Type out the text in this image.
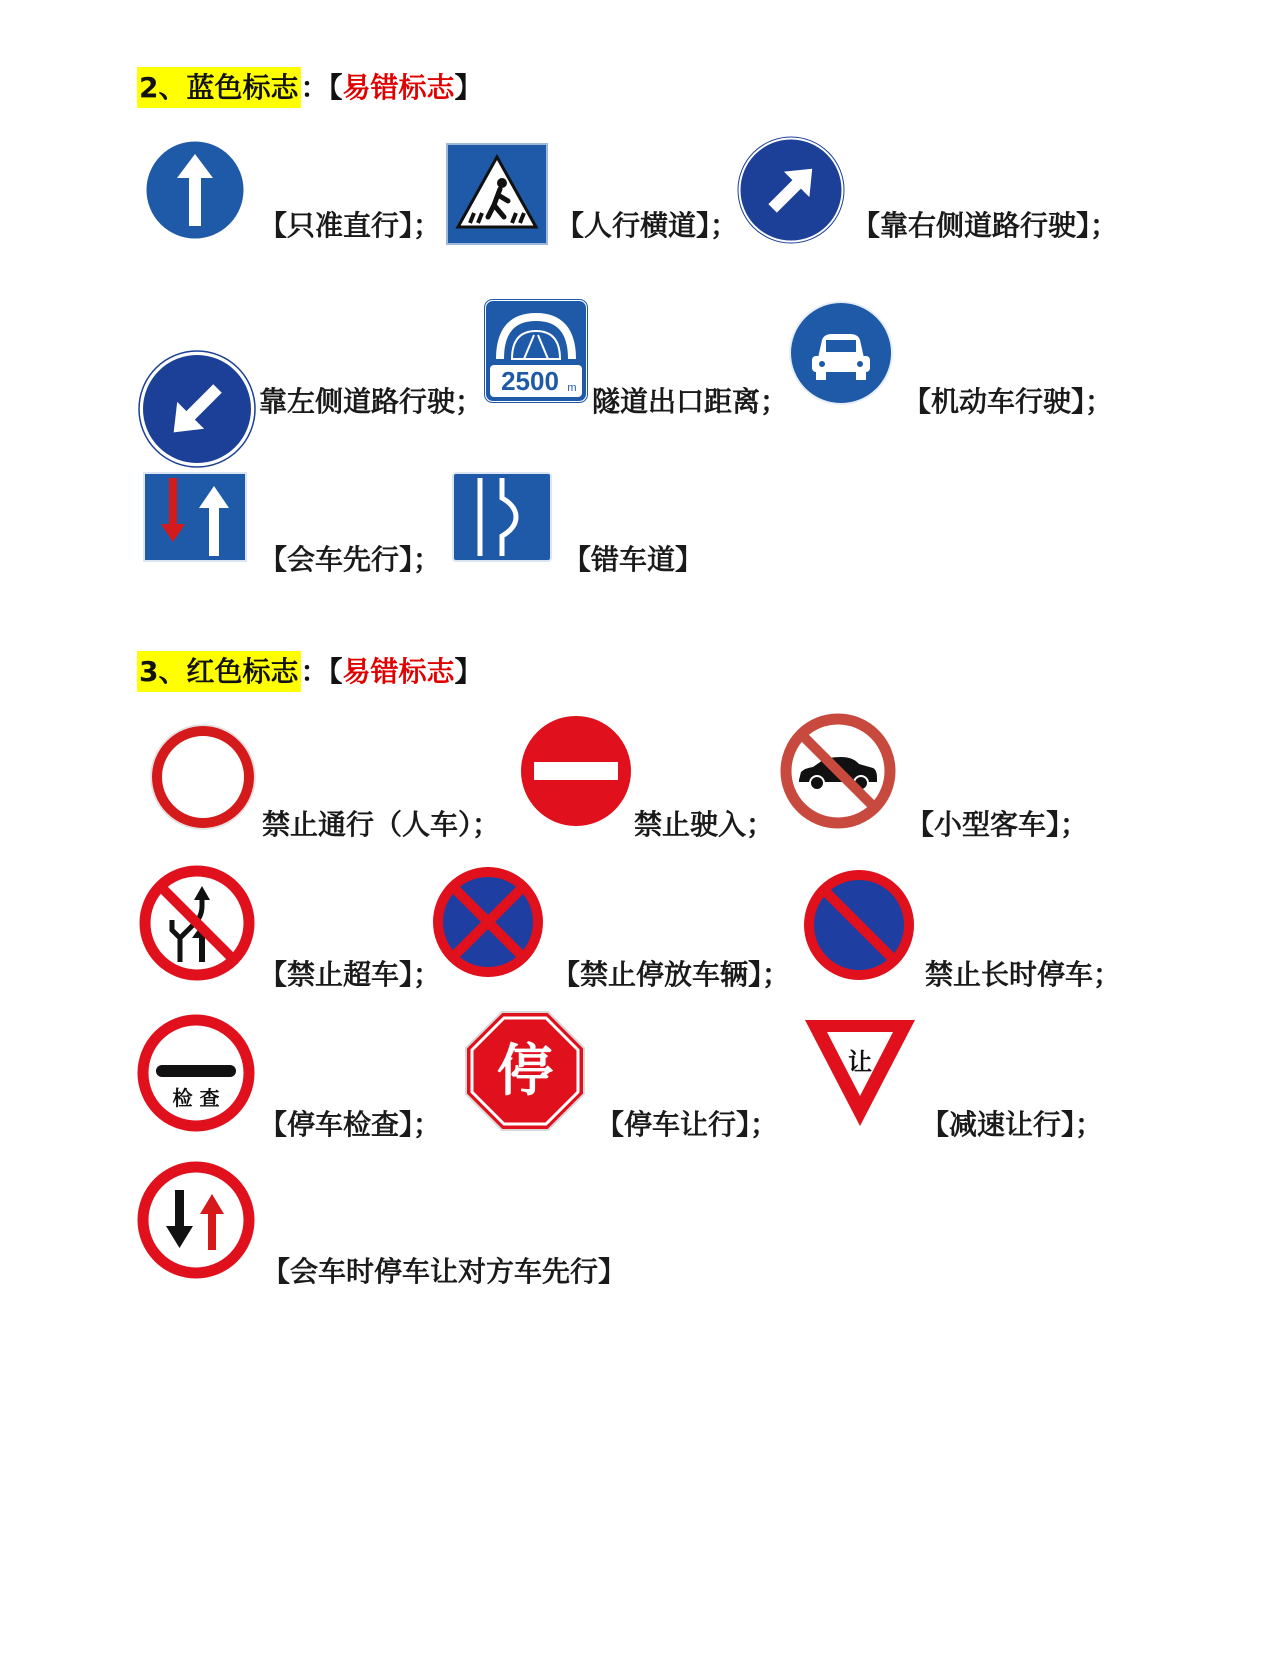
2、蓝色标志：【易错标志】
【只准直行】；	【人行横道】；	【靠右侧道路行驶】；
靠左侧道路行驶；
2500 m 隧道出口距离；	【机动车行驶】；
【会车先行】；	【错车道】
3、红色标志：【易错标志】
禁止通行（人车）；	禁止驶入；	【小型客车】；
【禁止超车】；	【禁止停放车辆】；	禁止长时停车；
检 查
【停车检查】；
停
【停车让行】；
让
【减速让行】；
【会车时停车让对方车先行】
